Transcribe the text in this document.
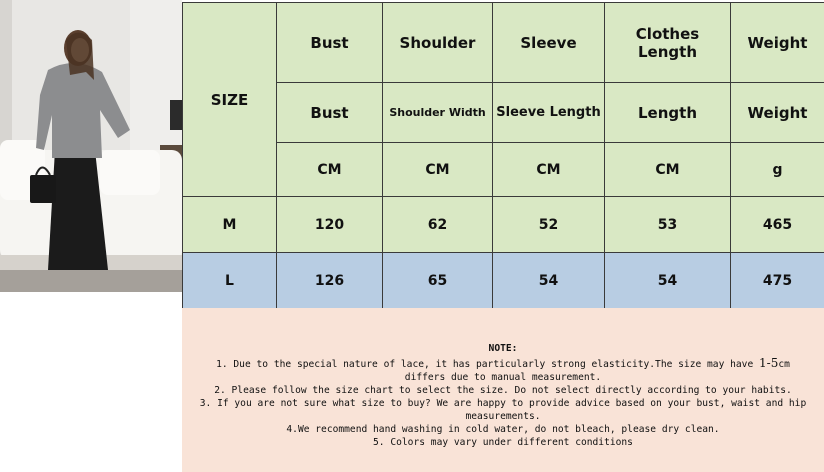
SIZE	Bust	Shoulder	Sleeve	Clothes Length	Weight
	Bust	Shoulder Width	Sleeve Length	Length	Weight
	CM	CM	CM	CM	g
M	120	62	52	53	465
L	126	65	54	54	475
NOTE:
1. Due to the special nature of lace, it has particularly strong elasticity.The size may have 1-5cm
differs due to manual measurement.
2. Please follow the size chart to select the size. Do not select directly according to your habits.
3. If you are not sure what size to buy? We are happy to provide advice based on your bust, waist and hip measurements.
4.We recommend hand washing in cold water, do not bleach, please dry clean.
5. Colors may vary under different conditions
